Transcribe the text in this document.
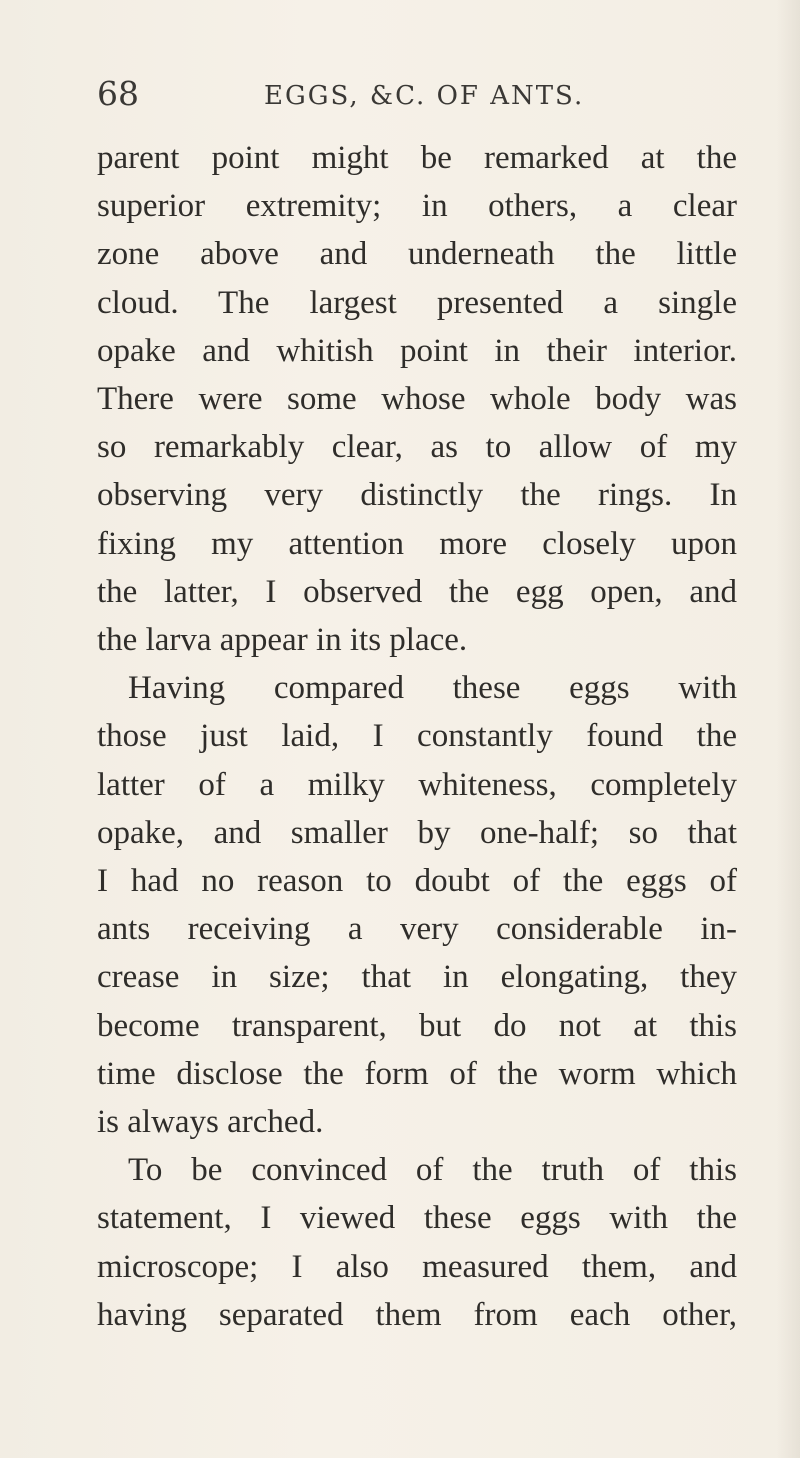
68	EGGS, &C. OF ANTS.
parent point might be remarked at the
superior extremity; in others, a clear
zone above and underneath the little
cloud. The largest presented a single
opake and whitish point in their interior.
There were some whose whole body was
so remarkably clear, as to allow of my
observing very distinctly the rings. In
fixing my attention more closely upon
the latter, I observed the egg open, and
the larva appear in its place.
Having compared these eggs with
those just laid, I constantly found the
latter of a milky whiteness, completely
opake, and smaller by one-half; so that
I had no reason to doubt of the eggs of
ants receiving a very considerable in-
crease in size; that in elongating, they
become transparent, but do not at this
time disclose the form of the worm which
is always arched.
To be convinced of the truth of this
statement, I viewed these eggs with the
microscope; I also measured them, and
having separated them from each other,
